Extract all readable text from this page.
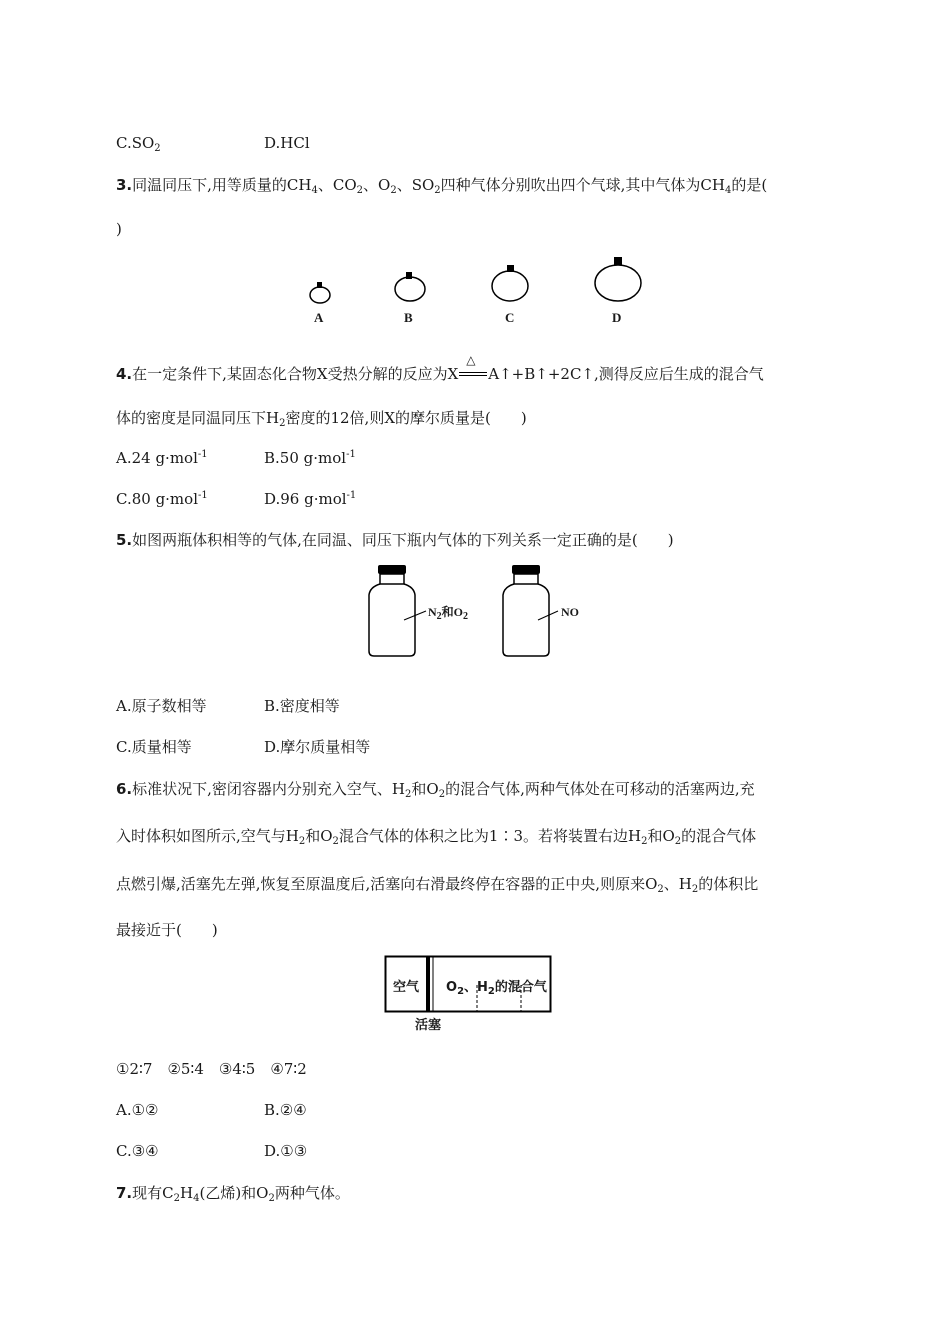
$C.SO_2$	D.HCl
3.同温同压下,用等质量的$CH_4$、$CO_2$、$O_2$、$SO_2$四种气体分别吹出四个气球,其中气体为$CH_4$的是(
)
A	B	C	D
4.在一定条件下,某固态化合物X受热分解的反应为X
△
A↑+B↑+2C↑,测得反应后生成的混合气
体的密度是同温同压下$H_2$密度的12倍,则X的摩尔质量是(　　)
A.24 g·mol$^{-1}$	B.50 g·mol$^{-1}$
C.80 g·mol$^{-1}$	D.96 g·mol$^{-1}$
5.如图两瓶体积相等的气体,在同温、同压下瓶内气体的下列关系一定正确的是(　　)
$N_2$和$O_2$	NO
A.原子数相等	B.密度相等
C.质量相等	D.摩尔质量相等
6.标准状况下,密闭容器内分别充入空气、$H_2$和$O_2$的混合气体,两种气体处在可移动的活塞两边,充
入时体积如图所示,空气与$H_2$和$O_2$混合气体的体积之比为1∶3。若将装置右边$H_2$和$O_2$的混合气体
点燃引爆,活塞先左弹,恢复至原温度后,活塞向右滑最终停在容器的正中央,则原来$O_2$、$H_2$的体积比
最接近于(　　)
空气 $O_2$、$H_2$的混合气
活塞
①2∶7　②5∶4　③4∶5　④7∶2
A.①②	B.②④
C.③④	D.①③
7.现有$C_2H_4$(乙烯)和$O_2$两种气体。
